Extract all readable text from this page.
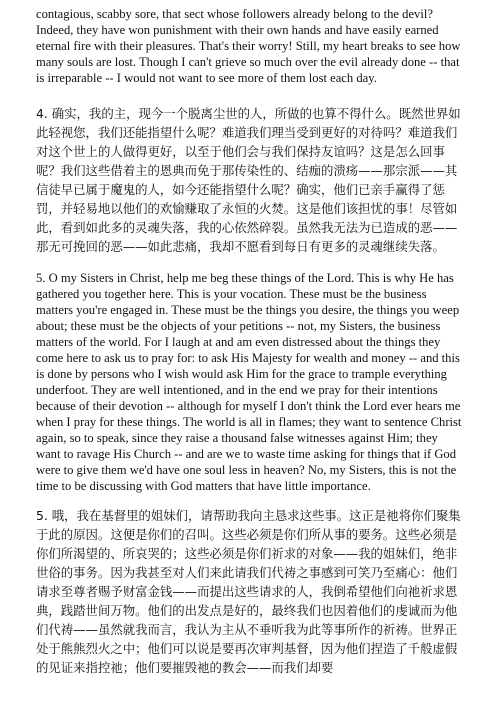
contagious, scabby sore, that sect whose followers already belong to the devil? Indeed, they have won punishment with their own hands and have easily earned eternal fire with their pleasures. That's their worry! Still, my heart breaks to see how many souls are lost. Though I can't grieve so much over the evil already done -- that is irreparable -- I would not want to see more of them lost each day.

4. 确实，我的主，现今一个脱离尘世的人，所做的也算不得什么。既然世界如此轻视您，我们还能指望什么呢？难道我们理当受到更好的对待吗？难道我们对这个世上的人做得更好，以至于他们会与我们保持友谊吗？这是怎么回事呢？我们这些借着主的恩典而免于那传染性的、结痂的溃疡——那宗派——其信徒早已属于魔鬼的人，如今还能指望什么呢？确实，他们已亲手赢得了惩罚，并轻易地以他们的欢愉赚取了永恒的火焚。这是他们该担忧的事！尽管如此，看到如此多的灵魂失落，我的心依然碎裂。虽然我无法为已造成的恶——那无可挽回的恶——如此悲痛，我却不愿看到每日有更多的灵魂继续失落。

5. O my Sisters in Christ, help me beg these things of the Lord. This is why He has gathered you together here. This is your vocation. These must be the business matters you're engaged in. These must be the things you desire, the things you weep about; these must be the objects of your petitions -- not, my Sisters, the business matters of the world. For I laugh at and am even distressed about the things they come here to ask us to pray for: to ask His Majesty for wealth and money -- and this is done by persons who I wish would ask Him for the grace to trample everything underfoot. They are well intentioned, and in the end we pray for their intentions because of their devotion -- although for myself I don't think the Lord ever hears me when I pray for these things. The world is all in flames; they want to sentence Christ again, so to speak, since they raise a thousand false witnesses against Him; they want to ravage His Church -- and are we to waste time asking for things that if God were to give them we'd have one soul less in heaven? No, my Sisters, this is not the time to be discussing with God matters that have little importance.

5. 哦，我在基督里的姐妹们，请帮助我向主恳求这些事。这正是祂将你们聚集于此的原因。这便是你们的召叫。这些必须是你们所从事的要务。这些必须是你们所渴望的、所哀哭的；这些必须是你们祈求的对象——我的姐妹们，绝非世俗的事务。因为我甚至对人们来此请我们代祷之事感到可笑乃至痛心：他们请求至尊者赐予财富金钱——而提出这些请求的人，我倒希望他们向祂祈求恩典，践踏世间万物。他们的出发点是好的，最终我们也因着他们的虔诚而为他们代祷——虽然就我而言，我认为主从不垂听我为此等事所作的祈祷。世界正处于熊熊烈火之中；他们可以说是要再次审判基督，因为他们捏造了千般虚假的见证来指控祂；他们要摧毁祂的教会——而我们却要
